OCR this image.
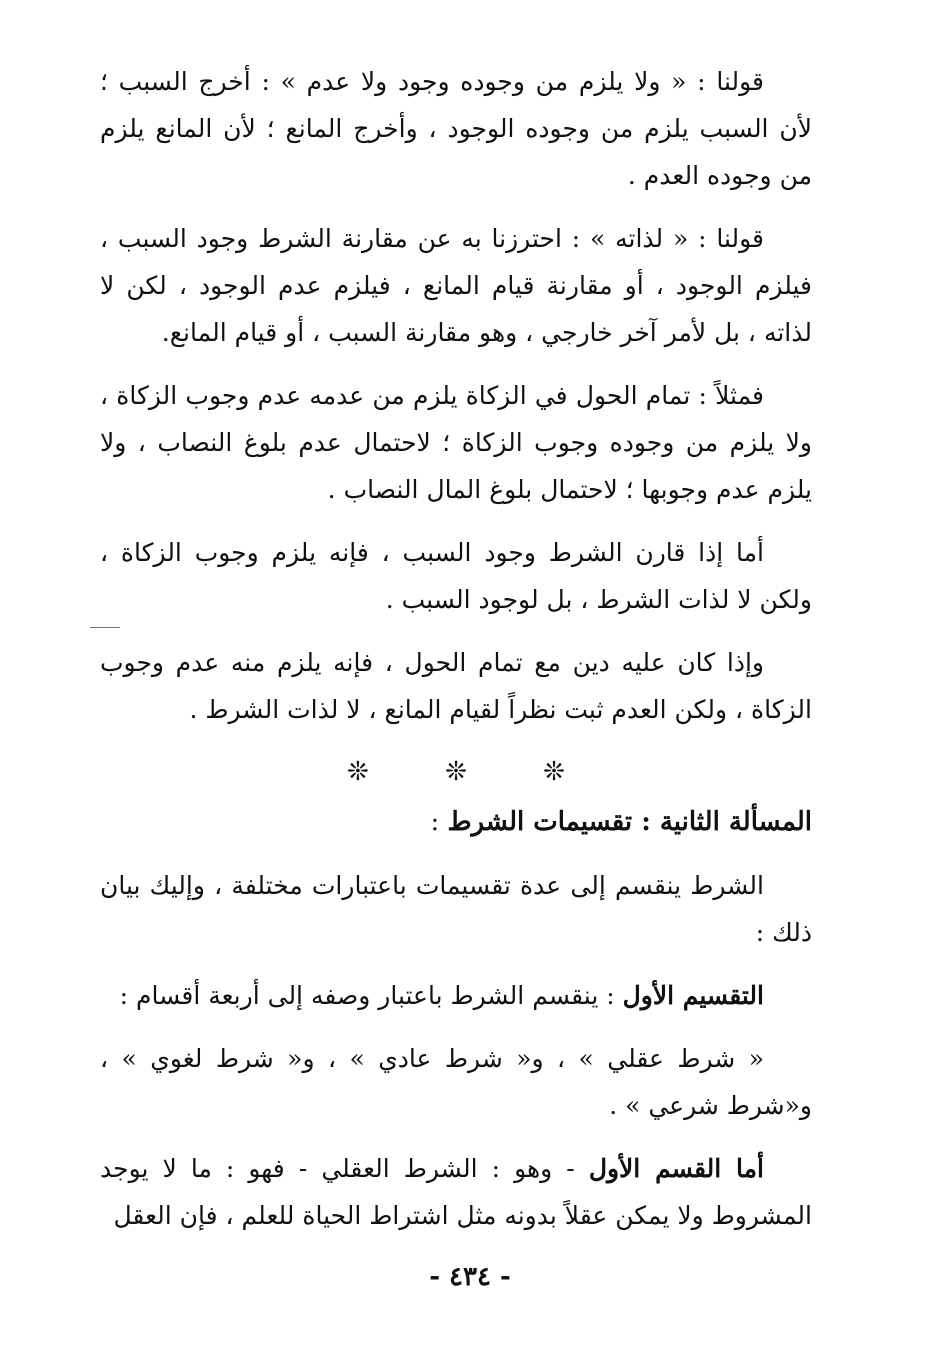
قولنا : « ولا يلزم من وجوده وجود ولا عدم » : أخرج السبب ؛ لأن السبب يلزم من وجوده الوجود ، وأخرج المانع ؛ لأن المانع يلزم من وجوده العدم .

قولنا : « لذاته » : احترزنا به عن مقارنة الشرط وجود السبب ، فيلزم الوجود ، أو مقارنة قيام المانع ، فيلزم عدم الوجود ، لكن لا لذاته ، بل لأمر آخر خارجي ، وهو مقارنة السبب ، أو قيام المانع.

فمثلاً : تمام الحول في الزكاة يلزم من عدمه عدم وجوب الزكاة ، ولا يلزم من وجوده وجوب الزكاة ؛ لاحتمال عدم بلوغ النصاب ، ولا يلزم عدم وجوبها ؛ لاحتمال بلوغ المال النصاب .

أما إذا قارن الشرط وجود السبب ، فإنه يلزم وجوب الزكاة ، ولكن لا لذات الشرط ، بل لوجود السبب .

وإذا كان عليه دين مع تمام الحول ، فإنه يلزم منه عدم وجوب الزكاة ، ولكن العدم ثبت نظراً لقيام المانع ، لا لذات الشرط .

❊	❊	❊

المسألة الثانية : تقسيمات الشرط :

الشرط ينقسم إلى عدة تقسيمات باعتبارات مختلفة ، وإليك بيان ذلك :

التقسيم الأول : ينقسم الشرط باعتبار وصفه إلى أربعة أقسام :

« شرط عقلي » ، و« شرط عادي » ، و« شرط لغوي » ، و«شرط شرعي » .

أما القسم الأول - وهو : الشرط العقلي - فهو : ما لا يوجد المشروط ولا يمكن عقلاً بدونه مثل اشتراط الحياة للعلم ، فإن العقل

- ٤٣٤ -
